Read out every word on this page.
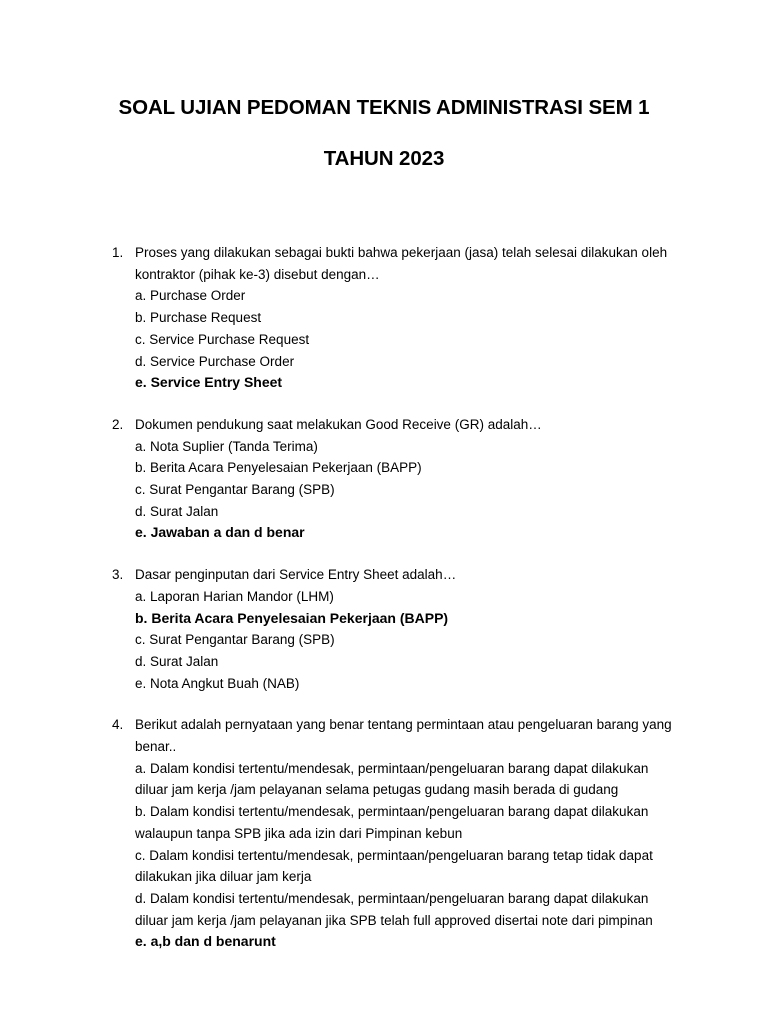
SOAL UJIAN PEDOMAN TEKNIS ADMINISTRASI SEM 1
TAHUN 2023
1. Proses yang dilakukan sebagai bukti bahwa pekerjaan (jasa) telah selesai dilakukan oleh kontraktor (pihak ke-3) disebut dengan…

a. Purchase Order

b. Purchase Request

c. Service Purchase Request

d. Service Purchase Order

e. Service Entry Sheet

2. Dokumen pendukung saat melakukan Good Receive (GR) adalah…

a. Nota Suplier (Tanda Terima)

b. Berita Acara Penyelesaian Pekerjaan (BAPP)

c. Surat Pengantar Barang (SPB)

d. Surat Jalan

e. Jawaban a dan d benar

3. Dasar penginputan dari Service Entry Sheet adalah…

a. Laporan Harian Mandor (LHM)

b. Berita Acara Penyelesaian Pekerjaan (BAPP)

c. Surat Pengantar Barang (SPB)

d. Surat Jalan

e. Nota Angkut Buah (NAB)

4. Berikut adalah pernyataan yang benar tentang permintaan atau pengeluaran barang yang benar..

a. Dalam kondisi tertentu/mendesak, permintaan/pengeluaran barang dapat dilakukan diluar jam kerja /jam pelayanan selama petugas gudang masih berada di gudang

b. Dalam kondisi tertentu/mendesak, permintaan/pengeluaran barang dapat dilakukan walaupun tanpa SPB jika ada izin dari Pimpinan kebun

c. Dalam kondisi tertentu/mendesak, permintaan/pengeluaran barang tetap tidak dapat dilakukan jika diluar jam kerja

d. Dalam kondisi tertentu/mendesak, permintaan/pengeluaran barang dapat dilakukan diluar jam kerja /jam pelayanan jika SPB telah full approved disertai note dari pimpinan

e. a,b dan d benarunt
